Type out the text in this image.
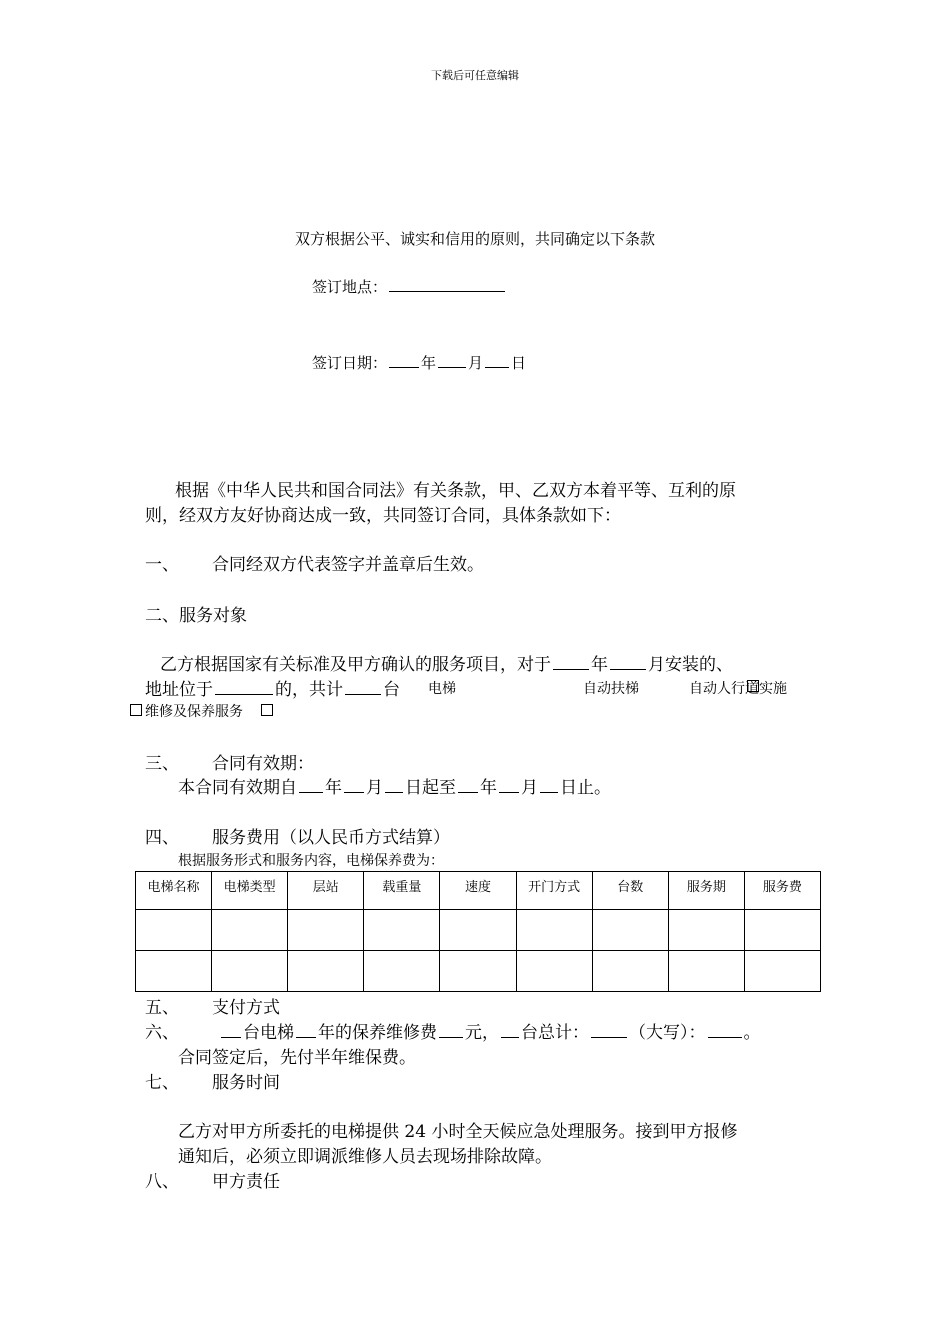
下载后可任意编辑
双方根据公平、诚实和信用的原则，共同确定以下条款
签订地点：
签订日期： 年 月 日
根据《中华人民共和国合同法》有关条款，甲、乙双方本着平等、互利的原
则，经双方友好协商达成一致，共同签订合同，具体条款如下：
一、 合同经双方代表签字并盖章后生效。
二、服务对象
乙方根据国家有关标准及甲方确认的服务项目，对于 年 月安装的、
地址位于	的，共计 台 电梯	自动扶梯	自动人行道实施
维修及保养服务
三、 合同有效期：
本合同有效期自 年 月 日起至 年 月 日止。
四、 服务费用（以人民币方式结算）
根据服务形式和服务内容，电梯保养费为：
电梯名称	电梯类型	层站	载重量	速度	开门方式	台数	服务期	服务费

五、 支付方式
六、	台电梯 年的保养维修费 元， 台总计： （大写）： 。
合同签定后，先付半年维保费。
七、 服务时间
乙方对甲方所委托的电梯提供 24 小时全天候应急处理服务。接到甲方报修
通知后，必须立即调派维修人员去现场排除故障。
八、 甲方责任
